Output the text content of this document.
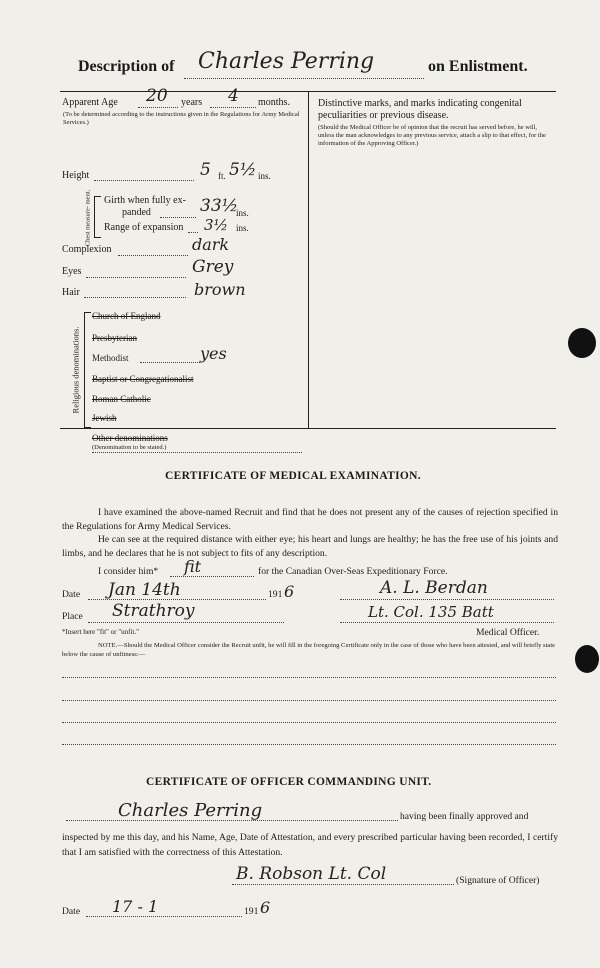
Description of Charles Perring	on Enlistment.
Apparent Age 20 years 4 months.
(To be determined according to the instructions given in the Regulations for Army Medical Services.)
Height	5 ft. 5½ ins.
Chest measure- ment. Girth when fully ex-
panded	33½
ins.
Range of expansion 3½ ins.
Complexion	dark
Eyes	Grey
Hair	brown
Religious denominations.
Church of England
Presbyterian
Methodist	yes
Baptist or Congregationalist
Roman Catholic
Jewish
Other denominations
(Denomination to be stated.)
Distinctive marks, and marks indicating congenital
peculiarities or previous disease.
(Should the Medical Officer be of opinion that the recruit has served before, he will, unless the man acknowledges to any previous service, attach a slip to that effect, for the information of the Approving Officer.)
CERTIFICATE OF MEDICAL EXAMINATION.
I have examined the above-named Recruit and find that he does not present any of the causes of rejection specified in the Regulations for Army Medical Services.
He can see at the required distance with either eye; his heart and lungs are healthy; he has the free use of his joints and limbs, and he declares that he is not subject to fits of any description.
I consider him* fit	for the Canadian Over-Seas Expeditionary Force.
Date Jan 14th	191 6	A. L. Berdan
Place Strathroy	Lt. Col. 135 Batt
*Insert here "fit" or "unfit."	Medical Officer.
NOTE.—Should the Medical Officer consider the Recruit unfit, he will fill in the foregoing Certificate only in the case of those who have been attested, and will briefly state below the cause of unfitness:—
CERTIFICATE OF OFFICER COMMANDING UNIT.
Charles Perring	having been finally approved and
inspected by me this day, and his Name, Age, Date of Attestation, and every prescribed particular having been recorded, I certify that I am satisfied with the correctness of this Attestation.
B. Robson Lt. Col	(Signature of Officer)
Date 17 - 1	191 6
